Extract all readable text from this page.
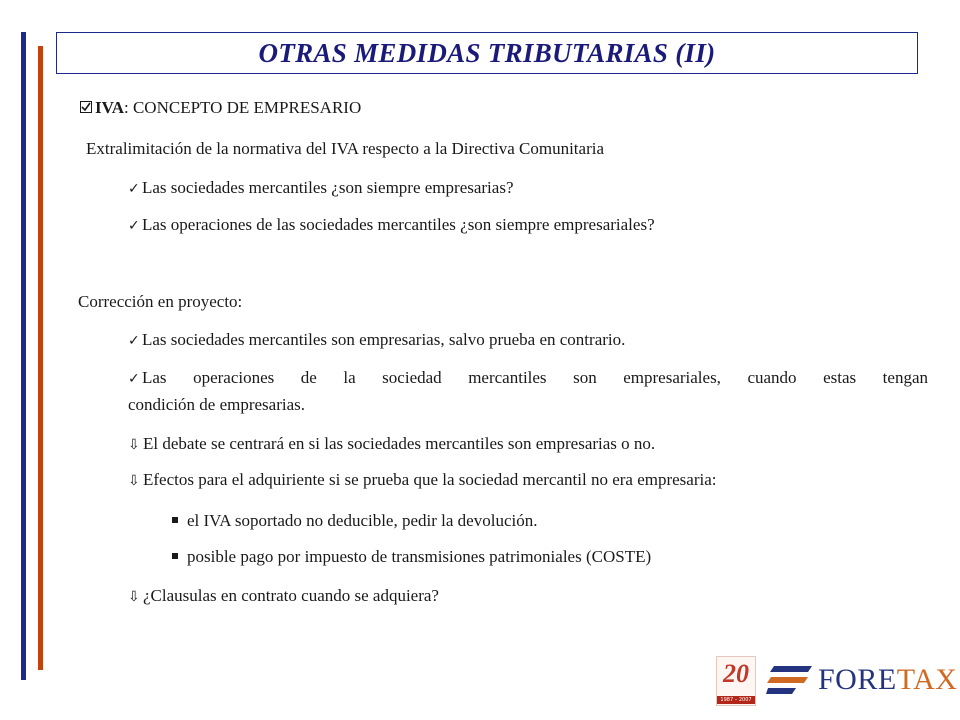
OTRAS MEDIDAS TRIBUTARIAS (II)
IVA: CONCEPTO DE EMPRESARIO
Extralimitación de la normativa del IVA respecto a la Directiva Comunitaria
✓ Las sociedades mercantiles ¿son siempre empresarias?
✓ Las operaciones de las sociedades mercantiles ¿son siempre empresariales?
Corrección en proyecto:
✓ Las sociedades mercantiles son empresarias, salvo prueba en contrario.
✓ Las operaciones de la sociedad mercantiles son empresariales, cuando estas tengan
condición de empresarias.
⇩ El debate se centrará en si las sociedades mercantiles son empresarias o no.
⇩ Efectos para el adquiriente si se prueba que la sociedad mercantil no era empresaria:
el IVA soportado no deducible, pedir la devolución.
posible pago por impuesto de transmisiones patrimoniales (COSTE)
⇩ ¿Clausulas en contrato cuando se adquiera?
20
1987 – 2007
FORETAX
